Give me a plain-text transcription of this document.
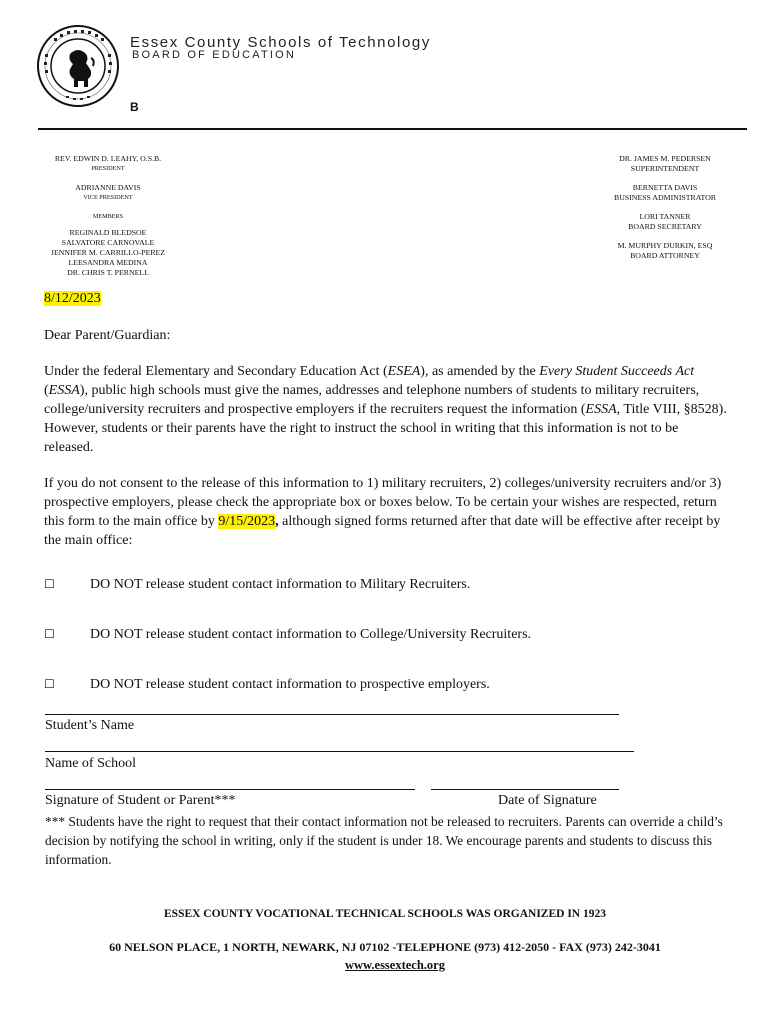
Essex County Schools of Technology
BOARD OF EDUCATION
B
REV. EDWIN D. LEAHY, O.S.B.
PRESIDENT
ADRIANNE DAVIS
VICE PRESIDENT
MEMBERS
REGINALD BLEDSOE
SALVATORE CARNOVALE
JENNIFER M. CARRILLO-PEREZ
LEESANDRA MEDINA
DR. CHRIS T. PERNELL
DR. JAMES M. PEDERSEN
SUPERINTENDENT
BERNETTA DAVIS
BUSINESS ADMINISTRATOR
LORI TANNER
BOARD SECRETARY
M. MURPHY DURKIN, ESQ
BOARD ATTORNEY
8/12/2023
Dear Parent/Guardian:
Under the federal Elementary and Secondary Education Act (ESEA), as amended by the Every Student Succeeds Act (ESSA), public high schools must give the names, addresses and telephone numbers of students to military recruiters, college/university recruiters and prospective employers if the recruiters request the information (ESSA, Title VIII, §8528). However, students or their parents have the right to instruct the school in writing that this information is not to be released.
If you do not consent to the release of this information to 1) military recruiters, 2) colleges/university recruiters and/or 3) prospective employers, please check the appropriate box or boxes below. To be certain your wishes are respected, return this form to the main office by 9/15/2023, although signed forms returned after that date will be effective after receipt by the main office:
☐	DO NOT release student contact information to Military Recruiters.
☐	DO NOT release student contact information to College/University Recruiters.
☐	DO NOT release student contact information to prospective employers.
Student’s Name
Name of School
Signature of Student or Parent***	Date of Signature
*** Students have the right to request that their contact information not be released to recruiters. Parents can override a child’s decision by notifying the school in writing, only if the student is under 18. We encourage parents and students to discuss this information.
ESSEX COUNTY VOCATIONAL TECHNICAL SCHOOLS WAS ORGANIZED IN 1923
60 NELSON PLACE, 1 NORTH, NEWARK, NJ 07102 -TELEPHONE (973) 412-2050 - FAX (973) 242-3041
www.essextech.org
